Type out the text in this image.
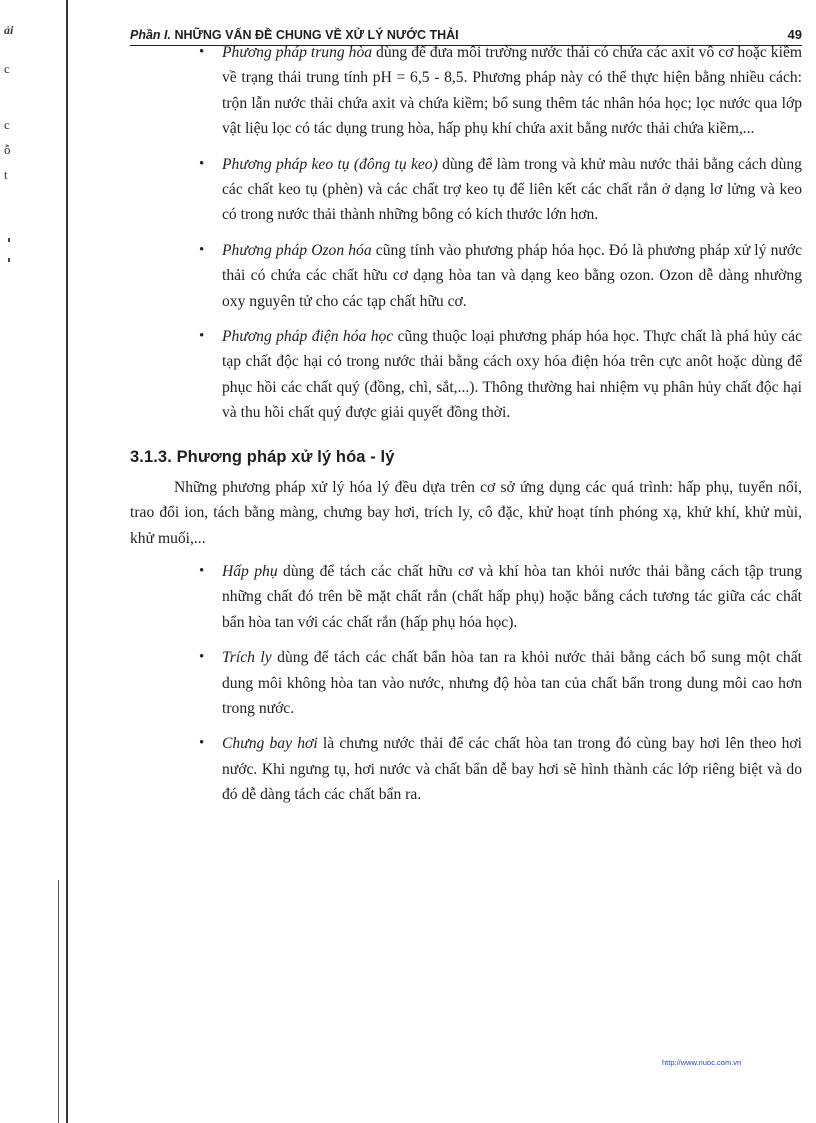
ải
c
c
ỗ
t
Phần I. NHỮNG VẤN ĐỀ CHUNG VỀ XỬ LÝ NƯỚC THẢI	49
• Phương pháp trung hòa dùng để đưa môi trường nước thải có chứa các axit vô cơ hoặc kiềm về trạng thái trung tính pH = 6,5 - 8,5. Phương pháp này có thể thực hiện bằng nhiều cách: trộn lẫn nước thải chứa axit và chứa kiềm; bổ sung thêm tác nhân hóa học; lọc nước qua lớp vật liệu lọc có tác dụng trung hòa, hấp phụ khí chứa axit bằng nước thải chứa kiềm,...
• Phương pháp keo tụ (đông tụ keo) dùng để làm trong và khử màu nước thải bằng cách dùng các chất keo tụ (phèn) và các chất trợ keo tụ để liên kết các chất rắn ở dạng lơ lửng và keo có trong nước thải thành những bông có kích thước lớn hơn.
• Phương pháp Ozon hóa cũng tính vào phương pháp hóa học. Đó là phương pháp xử lý nước thải có chứa các chất hữu cơ dạng hòa tan và dạng keo bằng ozon. Ozon dễ dàng nhường oxy nguyên tử cho các tạp chất hữu cơ.
• Phương pháp điện hóa học cũng thuộc loại phương pháp hóa học. Thực chất là phá hủy các tạp chất độc hại có trong nước thải bằng cách oxy hóa điện hóa trên cực anôt hoặc dùng để phục hồi các chất quý (đồng, chì, sắt,...). Thông thường hai nhiệm vụ phân hủy chất độc hại và thu hồi chất quý được giải quyết đồng thời.
3.1.3. Phương pháp xử lý hóa - lý

Những phương pháp xử lý hóa lý đều dựa trên cơ sở ứng dụng các quá trình: hấp phụ, tuyển nổi, trao đổi ion, tách bằng màng, chưng bay hơi, trích ly, cô đặc, khử hoạt tính phóng xạ, khử khí, khử mùi, khử muối,...

• Hấp phụ dùng để tách các chất hữu cơ và khí hòa tan khỏi nước thải bằng cách tập trung những chất đó trên bề mặt chất rắn (chất hấp phụ) hoặc bằng cách tương tác giữa các chất bẩn hòa tan với các chất rắn (hấp phụ hóa học).
• Trích ly dùng để tách các chất bẩn hòa tan ra khỏi nước thải bằng cách bổ sung một chất dung môi không hòa tan vào nước, nhưng độ hòa tan của chất bẩn trong dung môi cao hơn trong nước.
• Chưng bay hơi là chưng nước thải để các chất hòa tan trong đó cùng bay hơi lên theo hơi nước. Khi ngưng tụ, hơi nước và chất bẩn dễ bay hơi sẽ hình thành các lớp riêng biệt và do đó dễ dàng tách các chất bẩn ra.
http://www.nuoc.com.vn
